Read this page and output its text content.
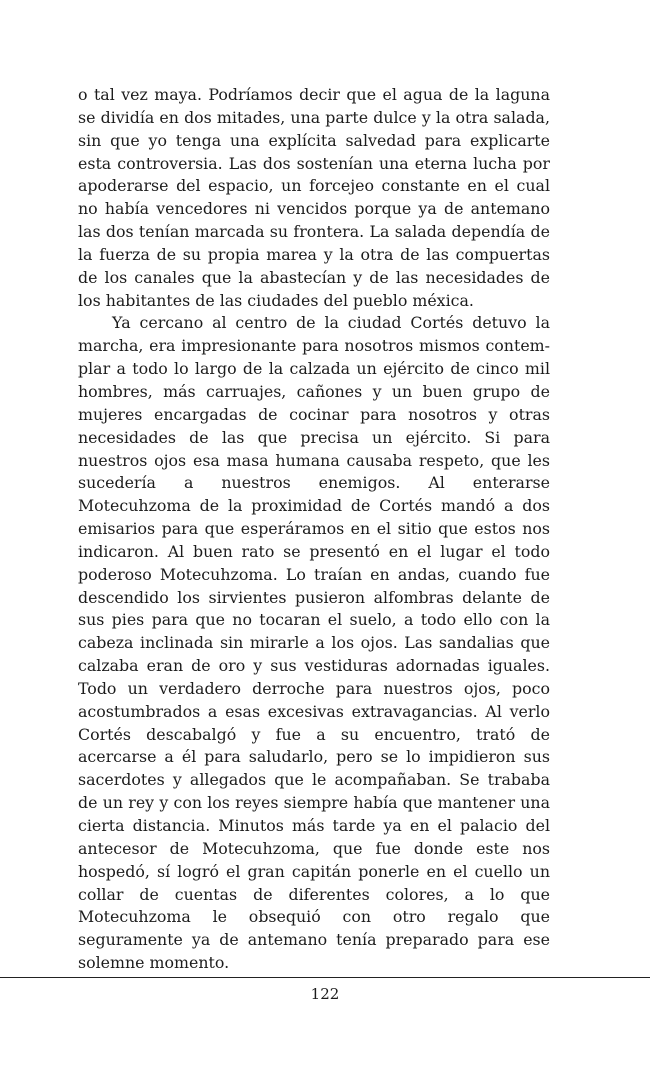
o tal vez maya. Podríamos decir que el agua de la laguna se dividía en dos mitades, una parte dulce y la otra salada, sin que yo tenga una explícita salvedad para explicarte esta controversia. Las dos sostenían una eterna lucha por apoderarse del espacio, un forcejeo constante en el cual no había vencedores ni vencidos porque ya de antemano las dos tenían marcada su frontera. La salada dependía de la fuerza de su propia marea y la otra de las compuertas de los canales que la abastecían y de las necesidades de los habitantes de las ciudades del pueblo méxica.

Ya cercano al centro de la ciudad Cortés detuvo la marcha, era impresionante para nosotros mismos contemplar a todo lo largo de la calzada un ejército de cinco mil hombres, más carruajes, cañones y un buen grupo de mujeres encargadas de cocinar para nosotros y otras necesidades de las que precisa un ejército. Si para nuestros ojos esa masa humana causaba respeto, que les sucedería a nuestros enemigos. Al enterarse Motecuhzoma de la proximidad de Cortés mandó a dos emisarios para que esperáramos en el sitio que estos nos indicaron. Al buen rato se presentó en el lugar el todo poderoso Motecuhzoma. Lo traían en andas, cuando fue descendido los sirvientes pusieron alfombras delante de sus pies para que no tocaran el suelo, a todo ello con la cabeza inclinada sin mirarle a los ojos. Las sandalias que calzaba eran de oro y sus vestiduras adornadas iguales. Todo un verdadero derroche para nuestros ojos, poco acostumbrados a esas excesivas extravagancias. Al verlo Cortés descabalgó y fue a su encuentro, trató de acercarse a él para saludarlo, pero se lo impidieron sus sacerdotes y allegados que le acompañaban. Se trababa de un rey y con los reyes siempre había que mantener una cierta distancia. Minutos más tarde ya en el palacio del antecesor de Motecuhzoma, que fue donde este nos hospedó, sí logró el gran capitán ponerle en el cuello un collar de cuentas de diferentes colores, a lo que Motecuhzoma le obsequió con otro regalo que seguramente ya de antemano tenía preparado para ese solemne momento.

122
